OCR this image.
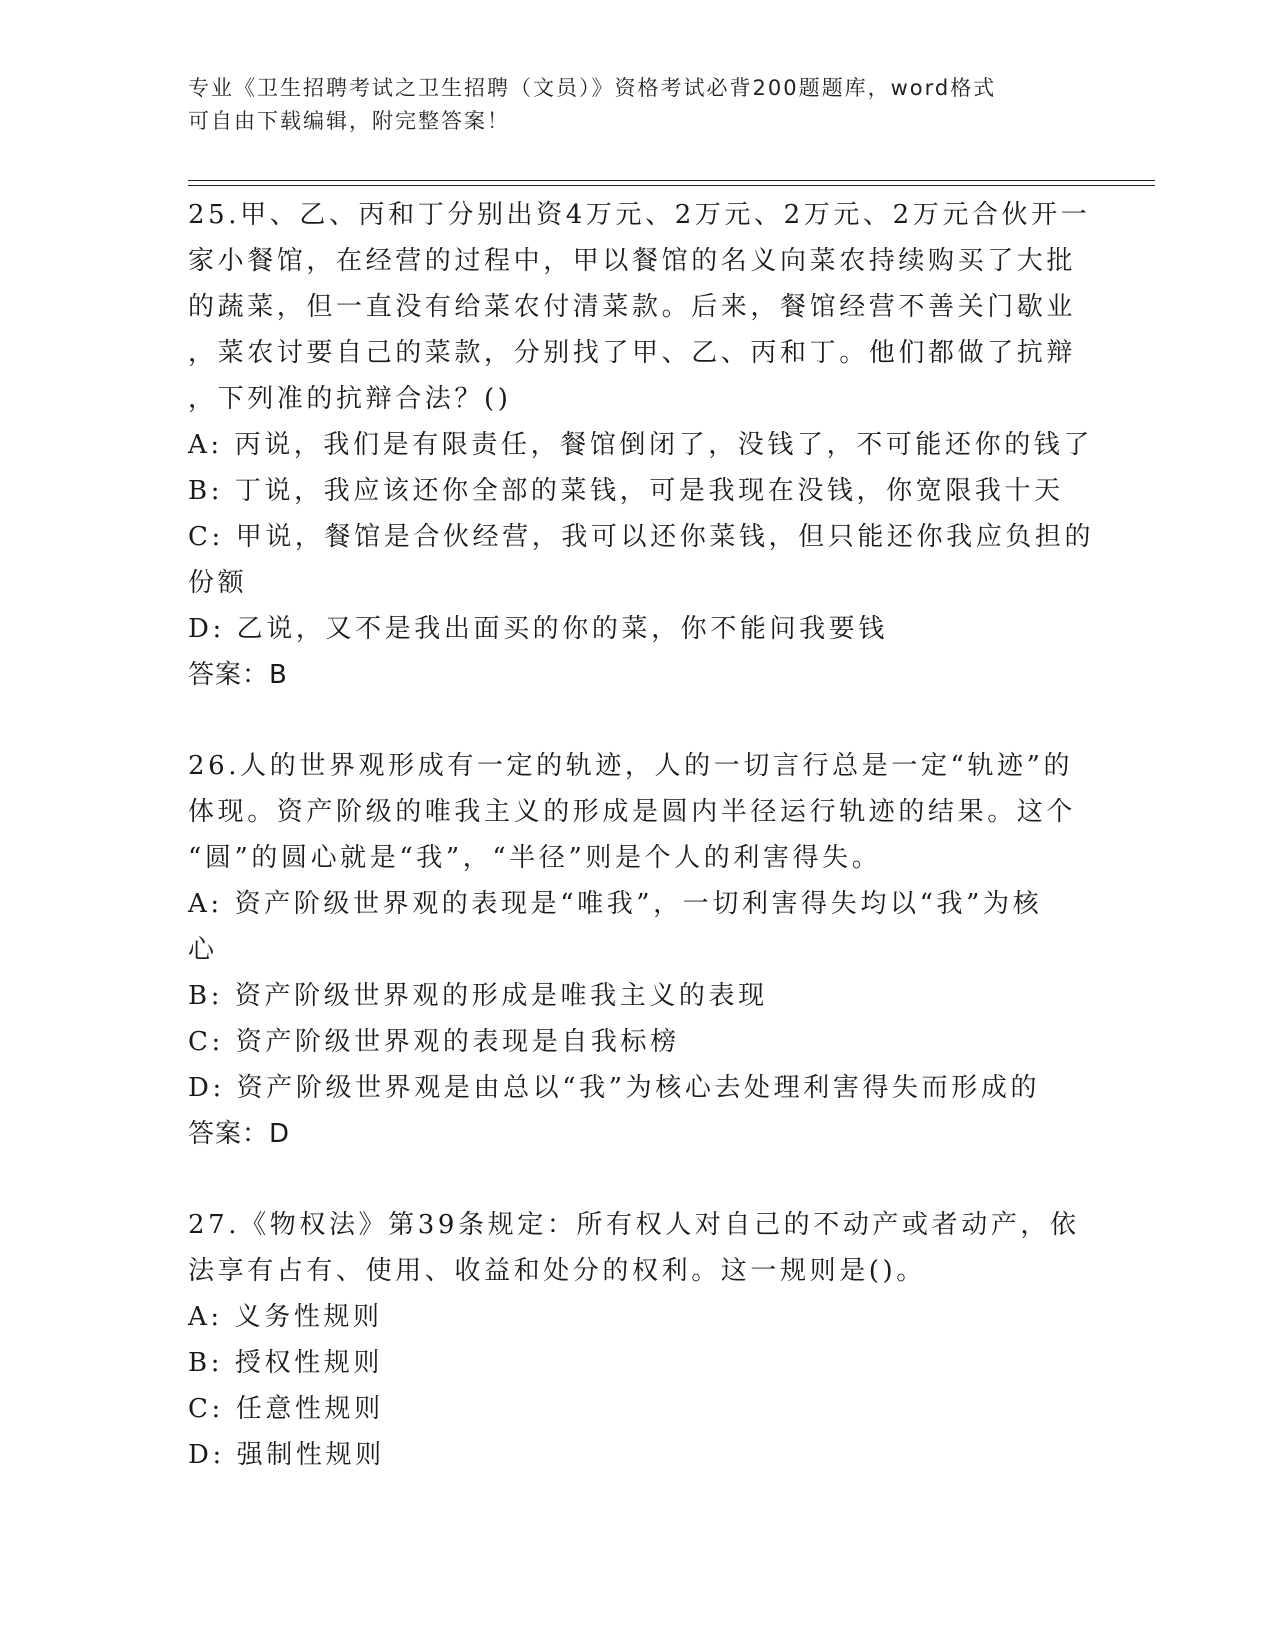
专业《卫生招聘考试之卫生招聘（文员）》资格考试必背200题题库，word格式
可自由下载编辑，附完整答案！
25.甲、乙、丙和丁分别出资4万元、2万元、2万元、2万元合伙开一
家小餐馆，在经营的过程中，甲以餐馆的名义向菜农持续购买了大批
的蔬菜，但一直没有给菜农付清菜款。后来，餐馆经营不善关门歇业
，菜农讨要自己的菜款，分别找了甲、乙、丙和丁。他们都做了抗辩
，下列准的抗辩合法？()
A: 丙说，我们是有限责任，餐馆倒闭了，没钱了，不可能还你的钱了
B: 丁说，我应该还你全部的菜钱，可是我现在没钱，你宽限我十天
C: 甲说，餐馆是合伙经营，我可以还你菜钱，但只能还你我应负担的
份额
D: 乙说，又不是我出面买的你的菜，你不能问我要钱
答案：B
26.人的世界观形成有一定的轨迹，人的一切言行总是一定“轨迹”的
体现。资产阶级的唯我主义的形成是圆内半径运行轨迹的结果。这个
“圆”的圆心就是“我”，“半径”则是个人的利害得失。
A: 资产阶级世界观的表现是“唯我”，一切利害得失均以“我”为核
心
B: 资产阶级世界观的形成是唯我主义的表现
C: 资产阶级世界观的表现是自我标榜
D: 资产阶级世界观是由总以“我”为核心去处理利害得失而形成的
答案：D
27.《物权法》第39条规定：所有权人对自己的不动产或者动产，依
法享有占有、使用、收益和处分的权利。这一规则是()。
A: 义务性规则
B: 授权性规则
C: 任意性规则
D: 强制性规则
